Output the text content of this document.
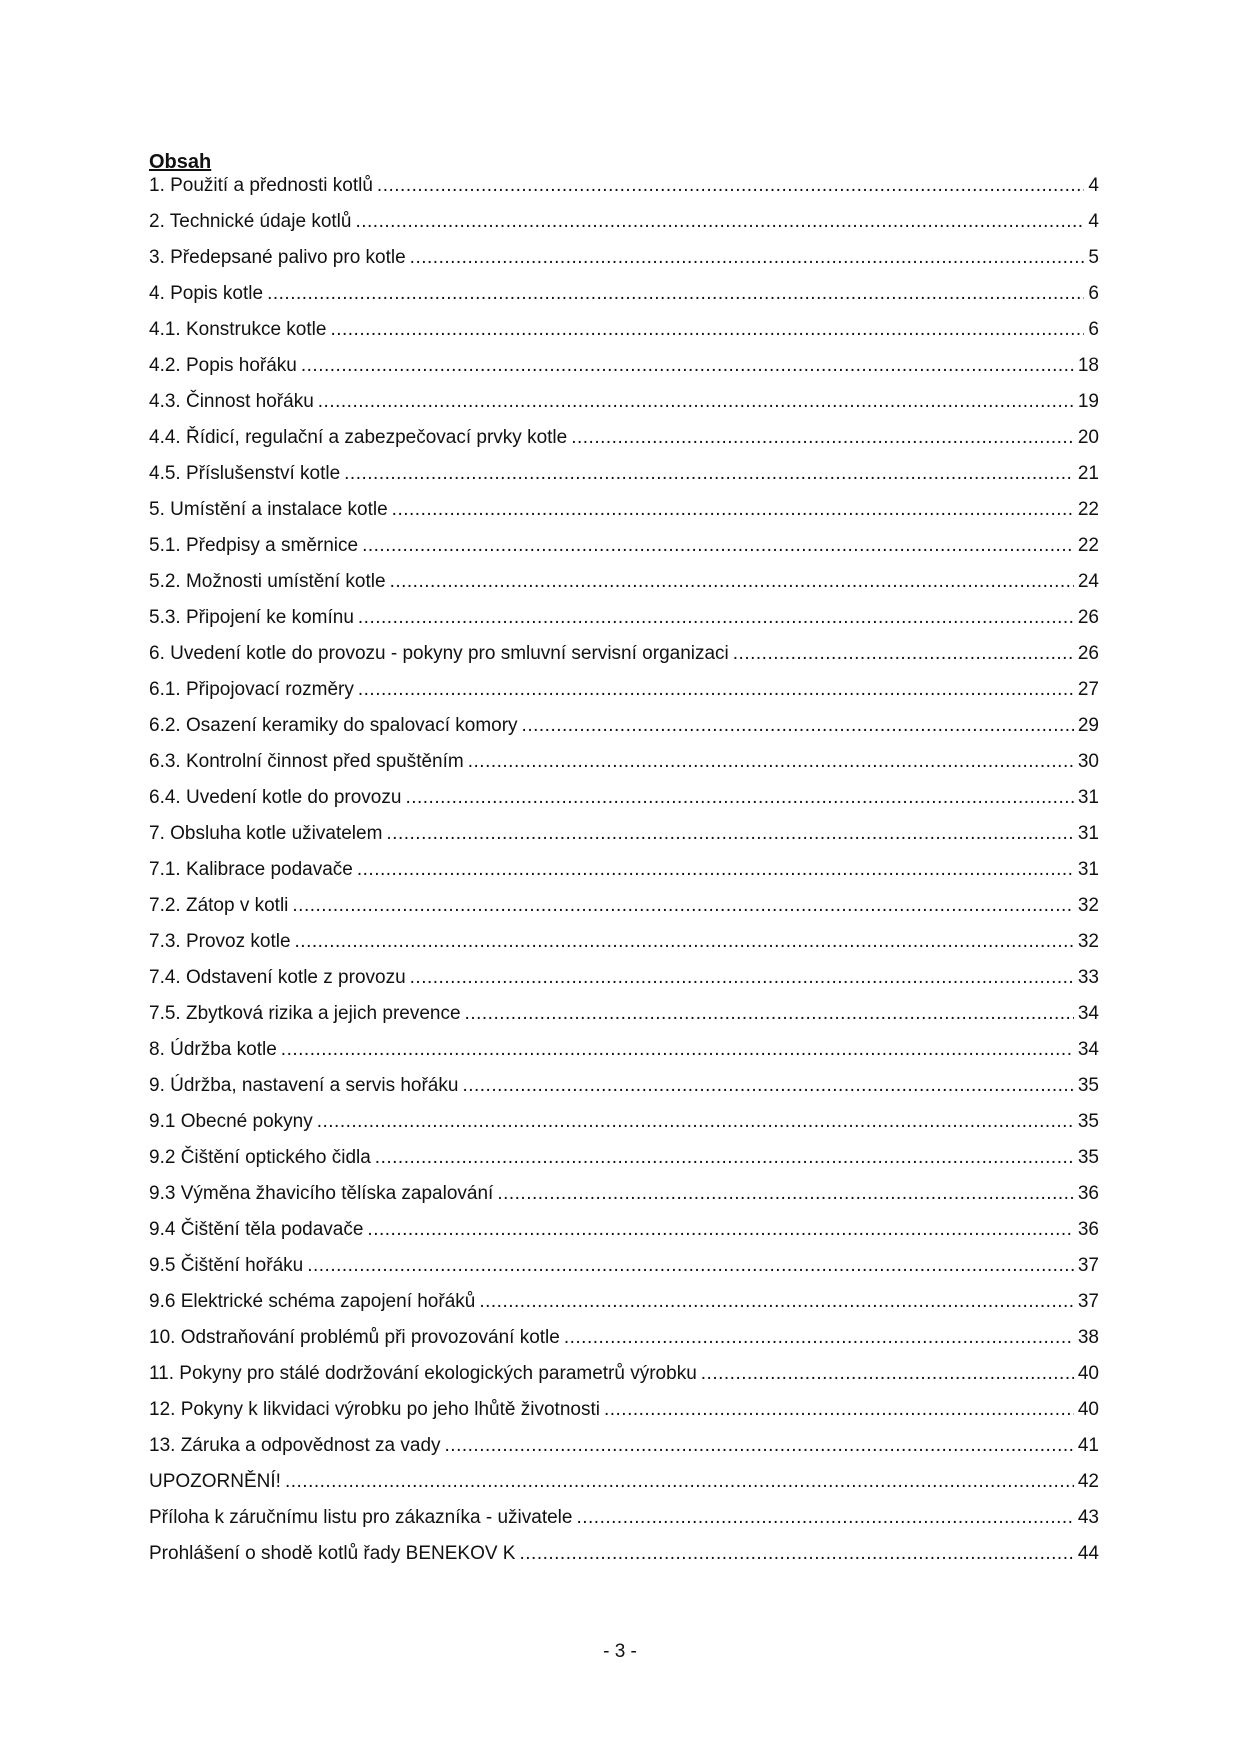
Obsah
1. Použití a přednosti kotlů .....	4
2. Technické údaje kotlů .....	4
3. Předepsané palivo pro kotle .....	5
4. Popis kotle .....	6
4.1. Konstrukce kotle .....	6
4.2. Popis hořáku .....	18
4.3. Činnost hořáku .....	19
4.4. Řídicí, regulační a zabezpečovací prvky kotle .....	20
4.5. Příslušenství kotle .....	21
5. Umístění a instalace kotle .....	22
5.1. Předpisy a směrnice .....	22
5.2. Možnosti umístění kotle .....	24
5.3. Připojení ke komínu .....	26
6. Uvedení kotle do provozu - pokyny pro smluvní servisní organizaci .....	26
6.1. Připojovací rozměry .....	27
6.2. Osazení keramiky do spalovací komory .....	29
6.3. Kontrolní činnost před spuštěním .....	30
6.4. Uvedení kotle do provozu .....	31
7. Obsluha kotle uživatelem .....	31
7.1. Kalibrace podavače .....	31
7.2. Zátop v kotli .....	32
7.3. Provoz kotle .....	32
7.4. Odstavení kotle z provozu .....	33
7.5. Zbytková rizika a jejich prevence .....	34
8. Údržba kotle .....	34
9. Údržba, nastavení a servis hořáku .....	35
9.1 Obecné pokyny .....	35
9.2 Čištění optického čidla .....	35
9.3 Výměna žhavicího tělíska zapalování .....	36
9.4 Čištění těla podavače .....	36
9.5 Čištění hořáku .....	37
9.6 Elektrické schéma zapojení hořáků .....	37
10. Odstraňování problémů při provozování kotle .....	38
11. Pokyny pro stálé dodržování ekologických parametrů výrobku .....	40
12. Pokyny k likvidaci výrobku po jeho lhůtě životnosti .....	40
13. Záruka a odpovědnost za vady .....	41
UPOZORNĚNÍ! .....	42
Příloha k záručnímu listu pro zákazníka - uživatele .....	43
Prohlášení o shodě kotlů řady BENEKOV K .....	44
- 3 -
